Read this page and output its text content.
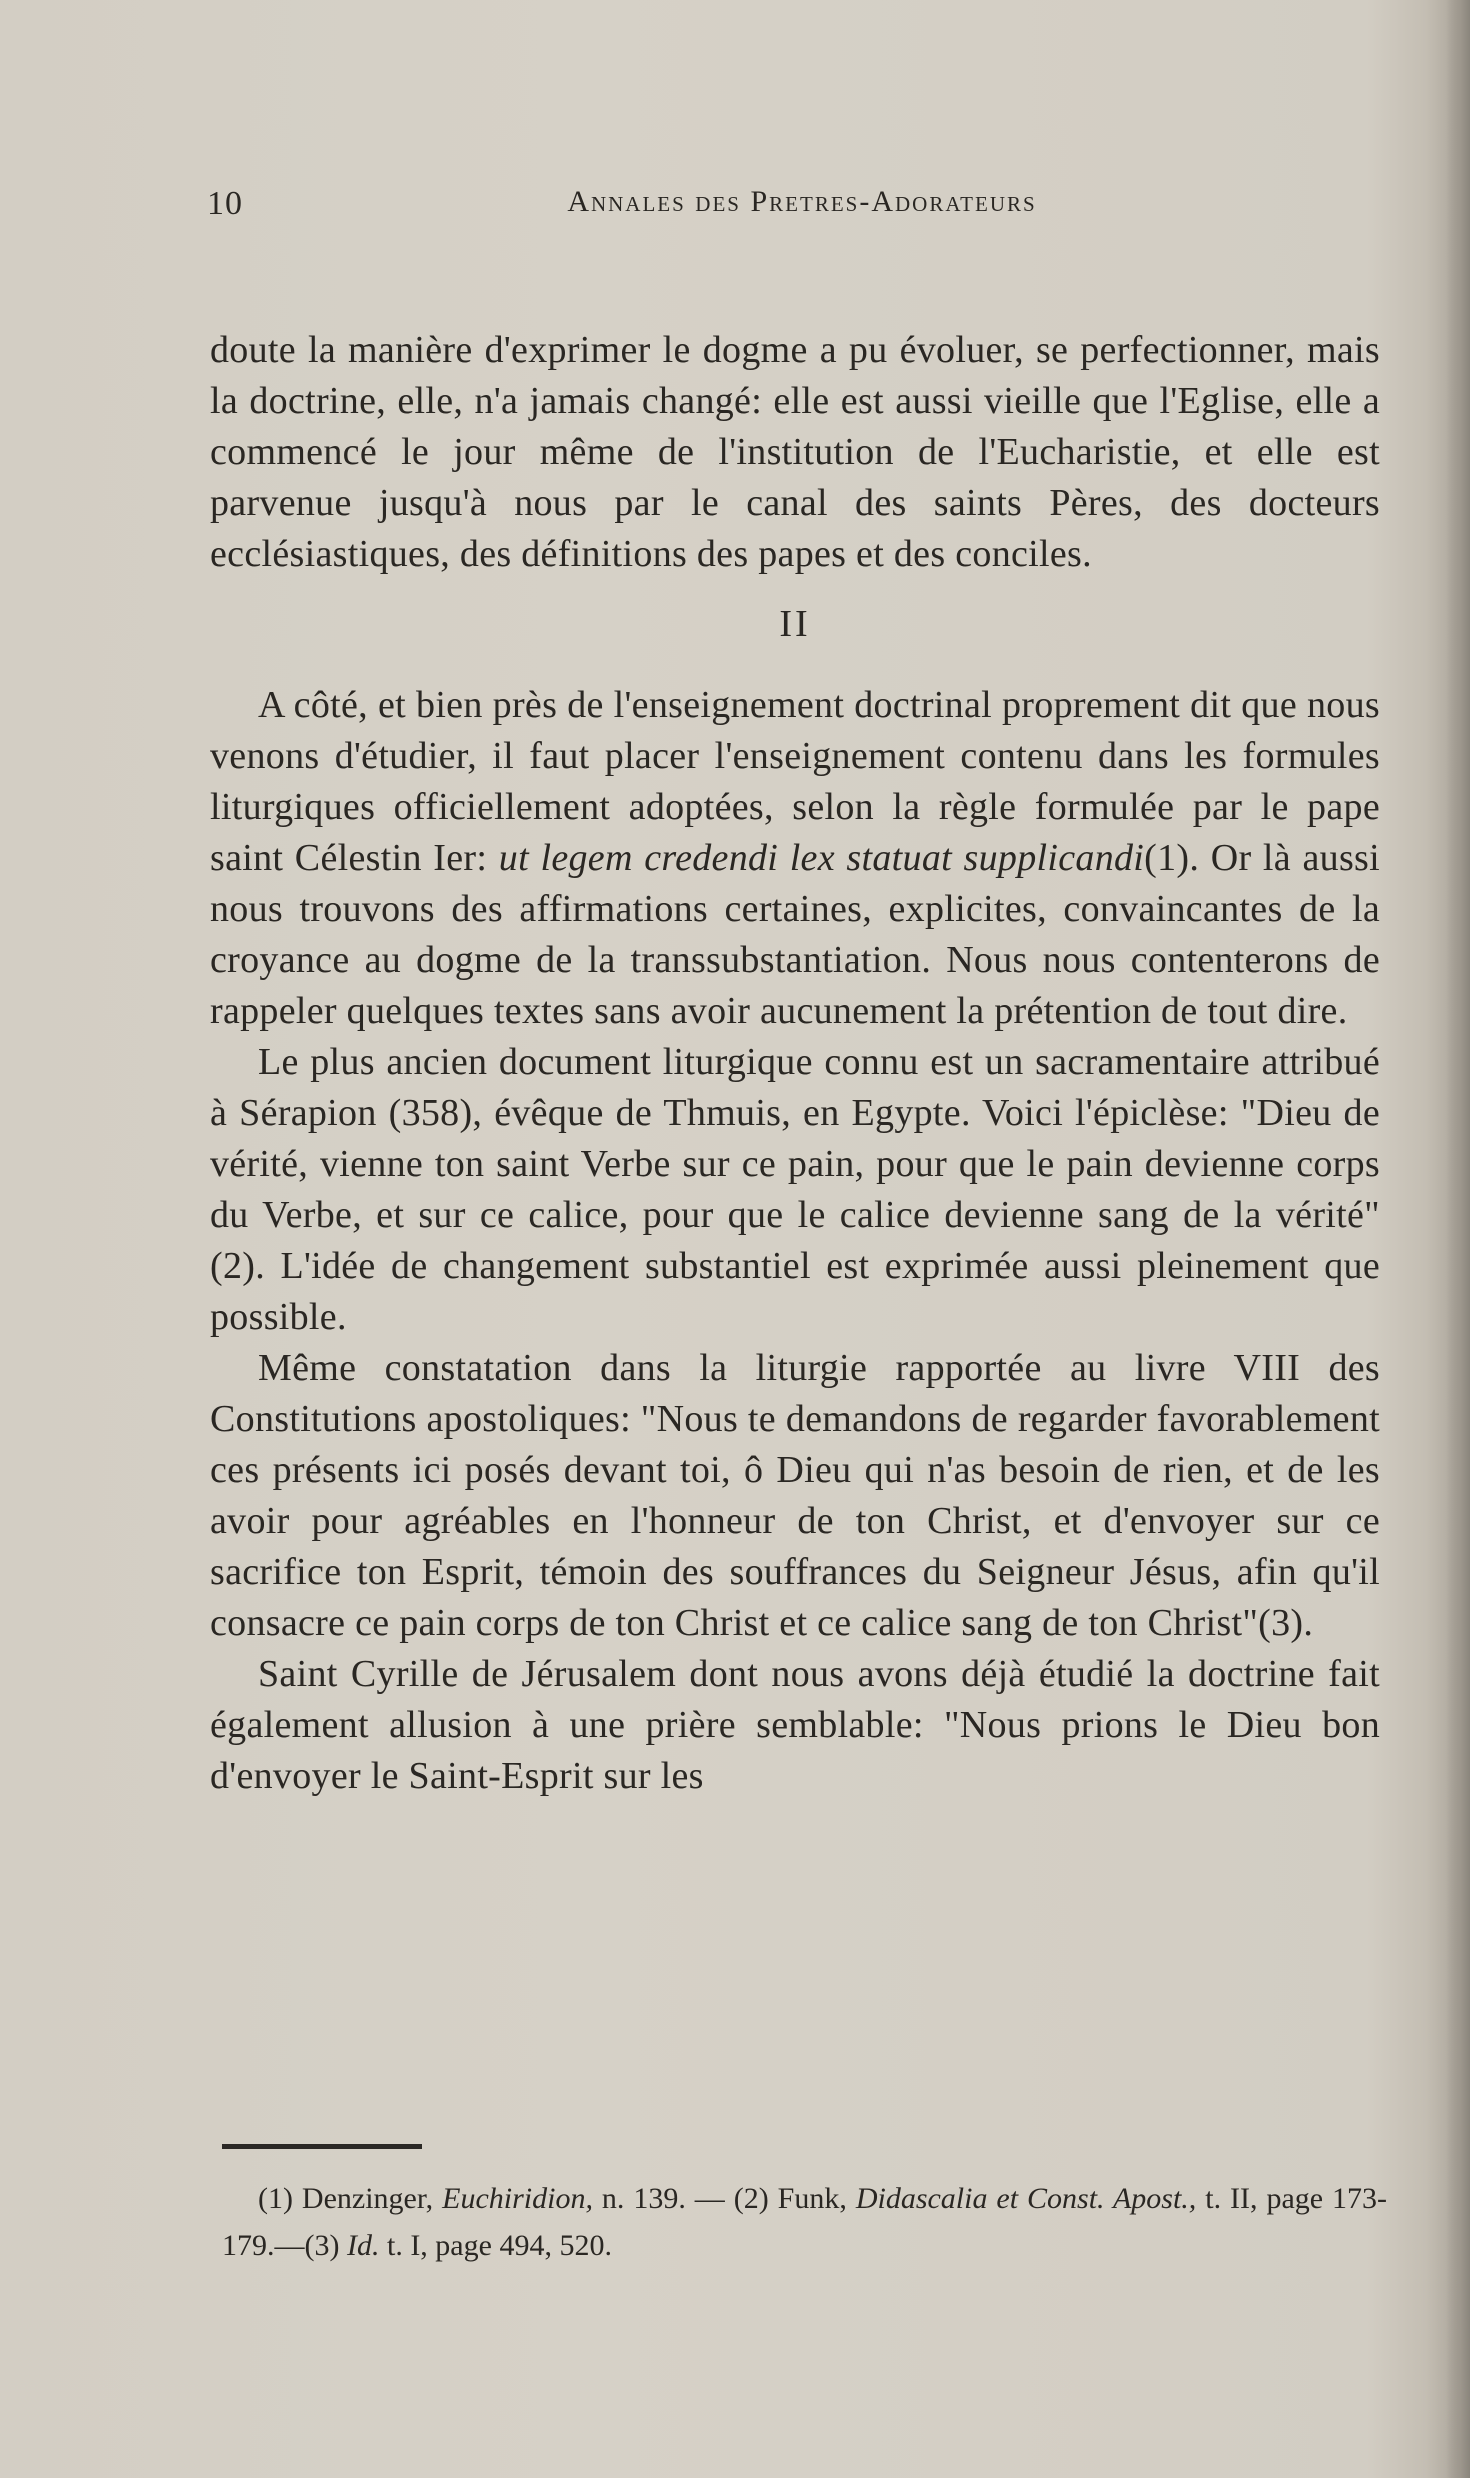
10	Annales des Pretres-Adorateurs

doute la manière d'exprimer le dogme a pu évoluer, se perfectionner, mais la doctrine, elle, n'a jamais changé: elle est aussi vieille que l'Eglise, elle a commencé le jour même de l'institution de l'Eucharistie, et elle est parvenue jusqu'à nous par le canal des saints Pères, des docteurs ecclésiastiques, des définitions des papes et des conciles.

II

A côté, et bien près de l'enseignement doctrinal proprement dit que nous venons d'étudier, il faut placer l'enseignement contenu dans les formules liturgiques officiellement adoptées, selon la règle formulée par le pape saint Célestin Ier: ut legem credendi lex statuat supplicandi(1). Or là aussi nous trouvons des affirmations certaines, explicites, convaincantes de la croyance au dogme de la transsubstantiation. Nous nous contenterons de rappeler quelques textes sans avoir aucunement la prétention de tout dire.

Le plus ancien document liturgique connu est un sacramentaire attribué à Sérapion (358), évêque de Thmuis, en Egypte. Voici l'épiclèse: "Dieu de vérité, vienne ton saint Verbe sur ce pain, pour que le pain devienne corps du Verbe, et sur ce calice, pour que le calice devienne sang de la vérité" (2). L'idée de changement substantiel est exprimée aussi pleinement que possible.

Même constatation dans la liturgie rapportée au livre VIII des Constitutions apostoliques: "Nous te demandons de regarder favorablement ces présents ici posés devant toi, ô Dieu qui n'as besoin de rien, et de les avoir pour agréables en l'honneur de ton Christ, et d'envoyer sur ce sacrifice ton Esprit, témoin des souffrances du Seigneur Jésus, afin qu'il consacre ce pain corps de ton Christ et ce calice sang de ton Christ"(3).

Saint Cyrille de Jérusalem dont nous avons déjà étudié la doctrine fait également allusion à une prière semblable: "Nous prions le Dieu bon d'envoyer le Saint-Esprit sur les

(1) Denzinger, Euchiridion, n. 139. — (2) Funk, Didascalia et Const. Apost., t. II, page 173-179.—(3) Id. t. I, page 494, 520.
